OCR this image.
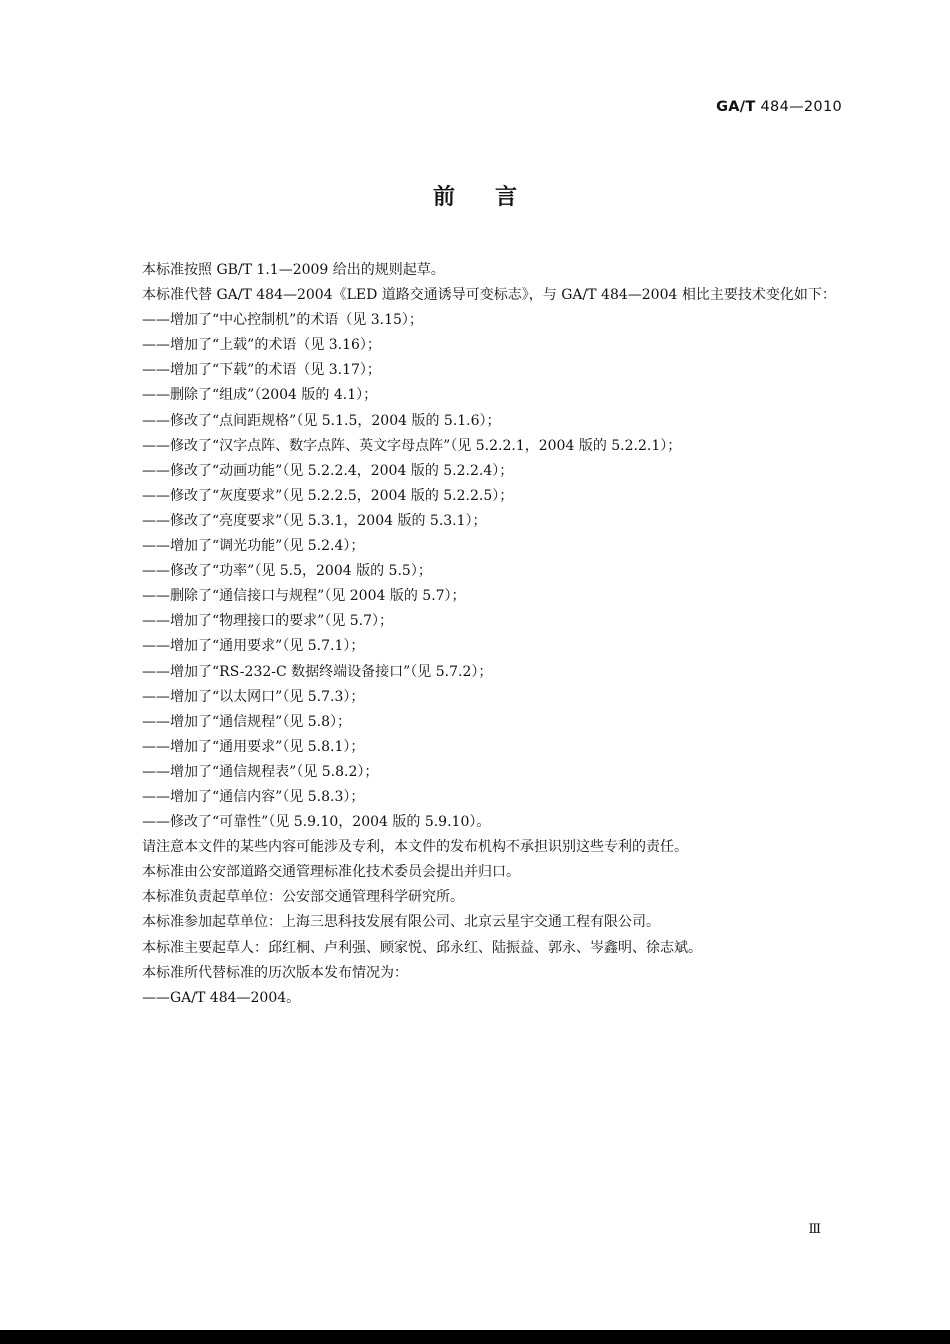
GA/T 484—2010
前言

本标准按照 GB/T 1.1—2009 给出的规则起草。

本标准代替 GA/T 484—2004《LED 道路交通诱导可变标志》，与 GA/T 484—2004 相比主要技术变化如下：

——增加了“中心控制机”的术语（见 3.15）；

——增加了“上载”的术语（见 3.16）；

——增加了“下载”的术语（见 3.17）；

——删除了“组成”（2004 版的 4.1）；

——修改了“点间距规格”（见 5.1.5，2004 版的 5.1.6）；

——修改了“汉字点阵、数字点阵、英文字母点阵”（见 5.2.2.1，2004 版的 5.2.2.1）；

——修改了“动画功能”（见 5.2.2.4，2004 版的 5.2.2.4）；

——修改了“灰度要求”（见 5.2.2.5，2004 版的 5.2.2.5）；

——修改了“亮度要求”（见 5.3.1，2004 版的 5.3.1）；

——增加了“调光功能”（见 5.2.4）；

——修改了“功率”（见 5.5，2004 版的 5.5）；

——删除了“通信接口与规程”（见 2004 版的 5.7）；

——增加了“物理接口的要求”（见 5.7）；

——增加了“通用要求”（见 5.7.1）；

——增加了“RS-232-C 数据终端设备接口”（见 5.7.2）；

——增加了“以太网口”（见 5.7.3）；

——增加了“通信规程”（见 5.8）；

——增加了“通用要求”（见 5.8.1）；

——增加了“通信规程表”（见 5.8.2）；

——增加了“通信内容”（见 5.8.3）；

——修改了“可靠性”（见 5.9.10，2004 版的 5.9.10）。

请注意本文件的某些内容可能涉及专利，本文件的发布机构不承担识别这些专利的责任。

本标准由公安部道路交通管理标准化技术委员会提出并归口。

本标准负责起草单位：公安部交通管理科学研究所。

本标准参加起草单位：上海三思科技发展有限公司、北京云星宇交通工程有限公司。

本标准主要起草人：邱红桐、卢利强、顾家悦、邱永红、陆振益、郭永、岑鑫明、徐志斌。

本标准所代替标准的历次版本发布情况为：

——GA/T 484—2004。

Ⅲ
